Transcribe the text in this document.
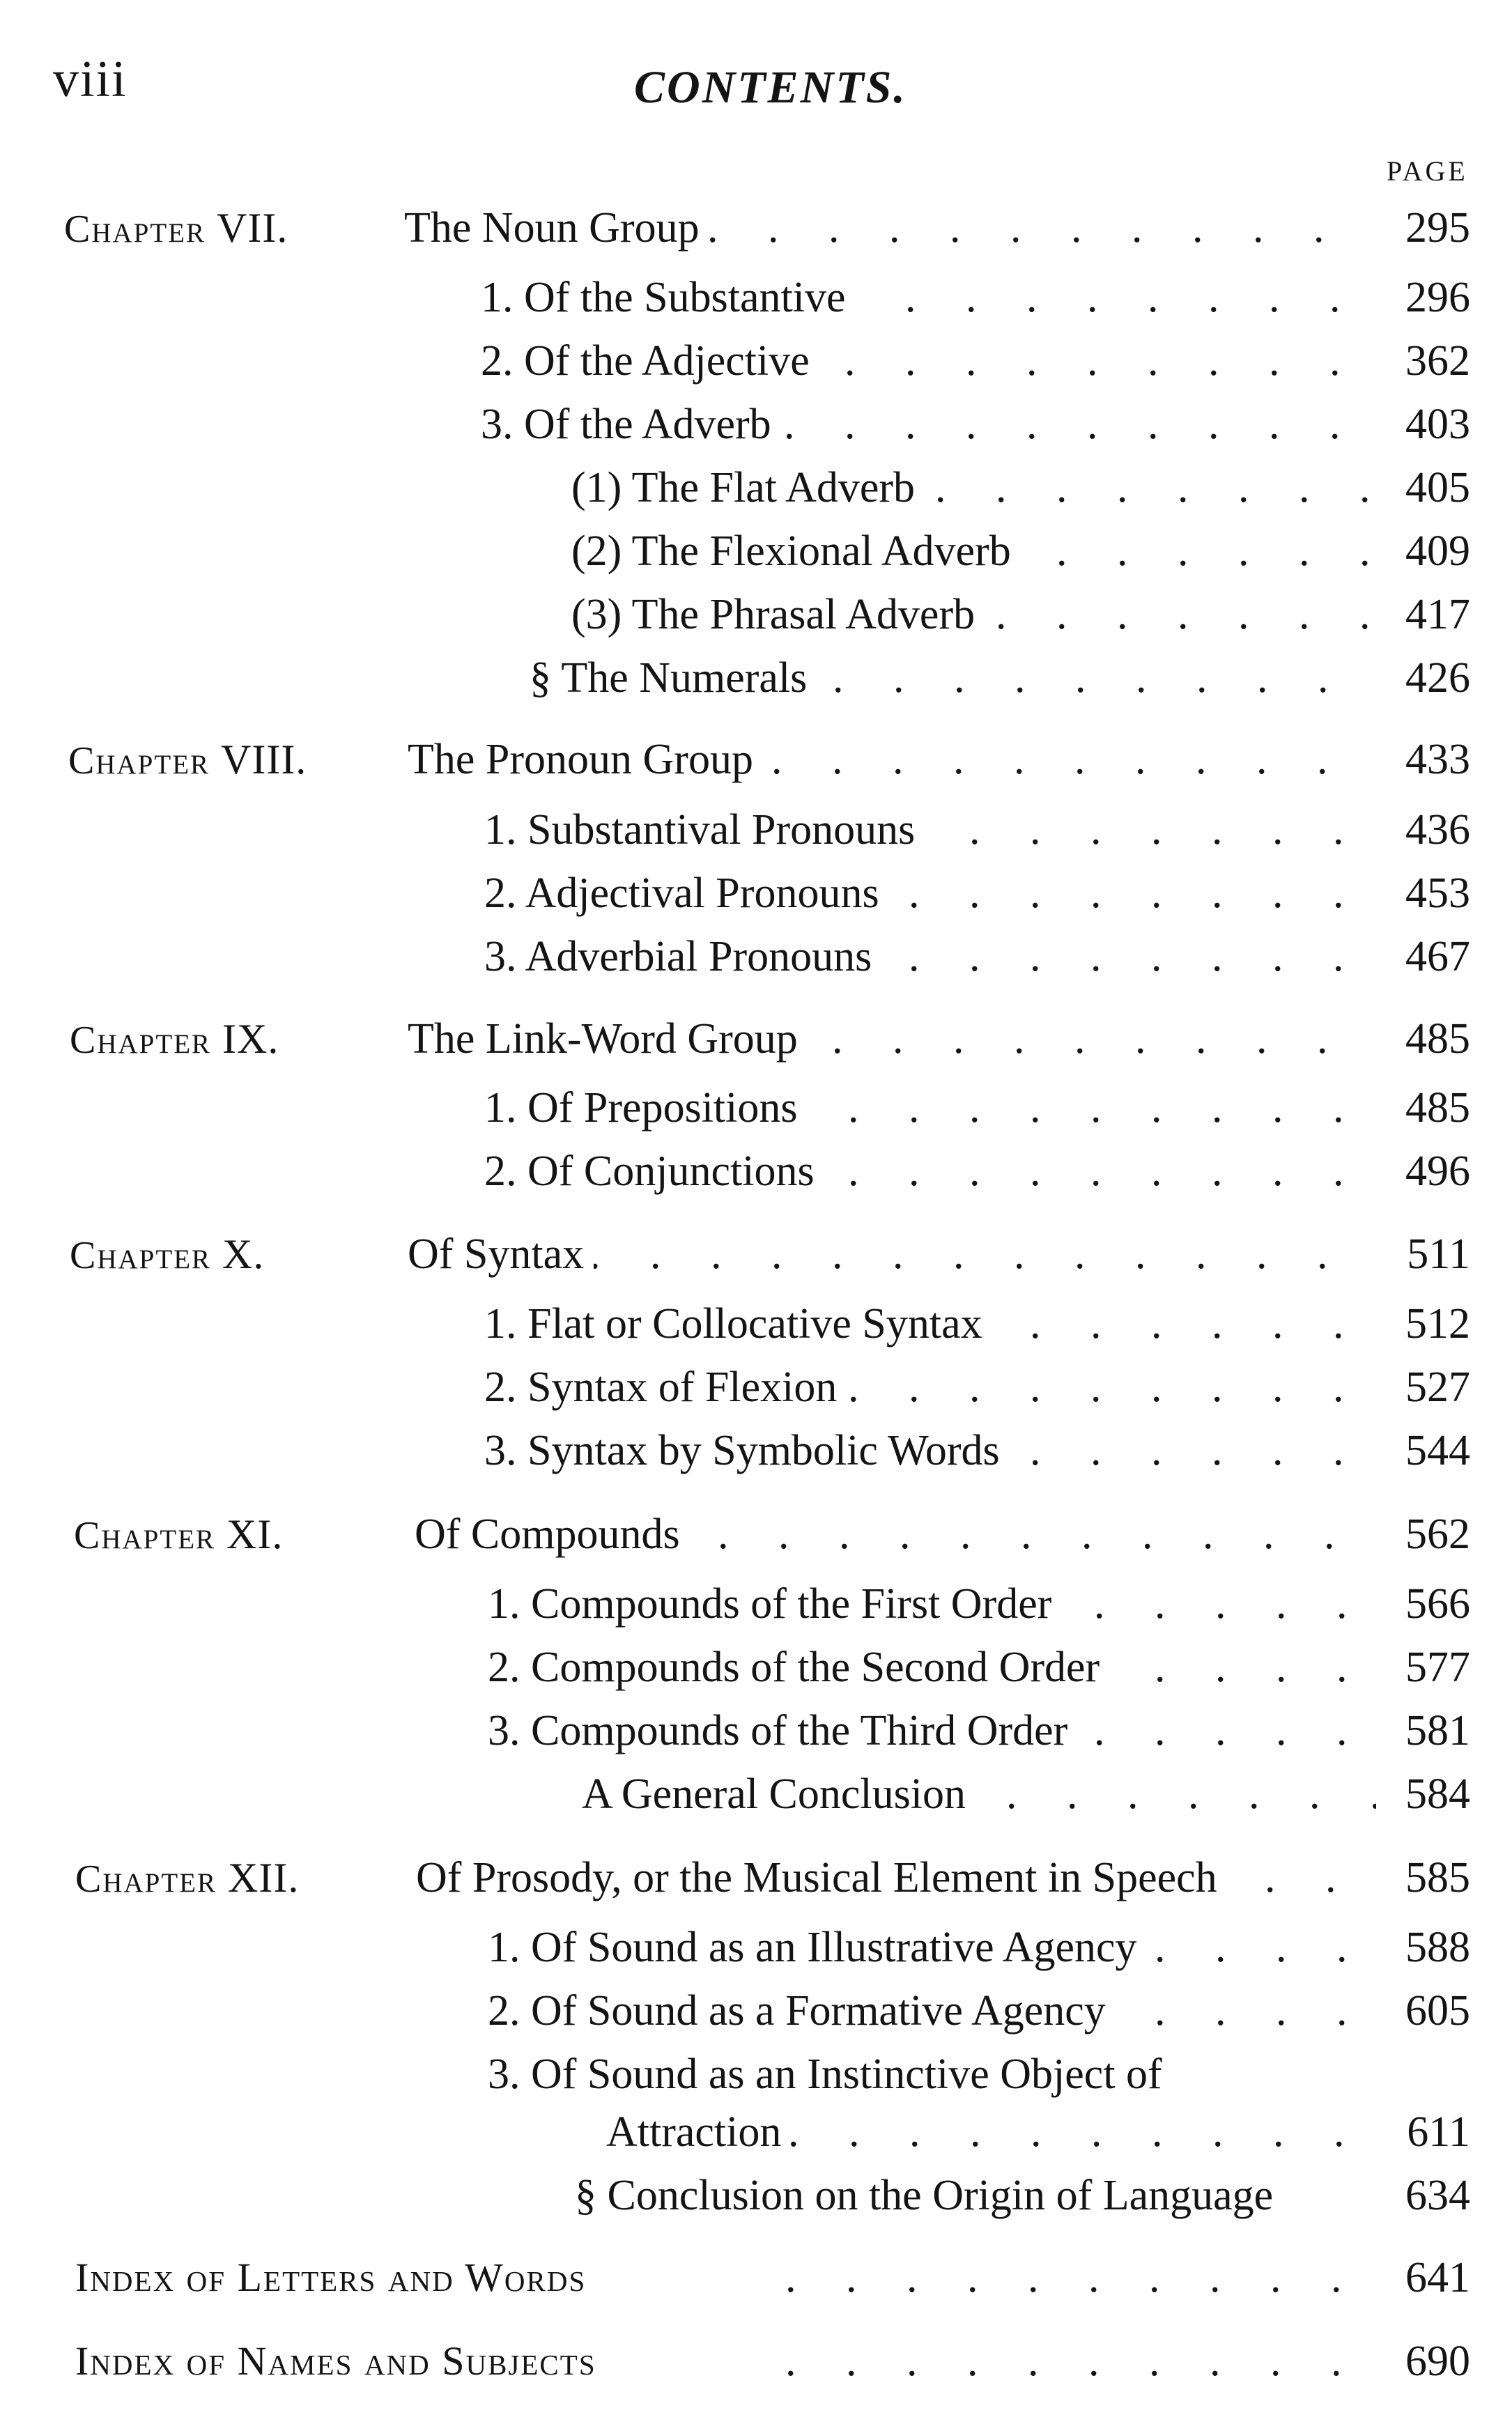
viii	CONTENTS.
PAGE
Chapter VII.	The Noun Group . . .	295
1. Of the Substantive . . .	296
2. Of the Adjective . . .	362
3. Of the Adverb . . .	403
(1) The Flat Adverb . . .	405
(2) The Flexional Adverb . . .	409
(3) The Phrasal Adverb . . .	417
§ The Numerals . . .	426
Chapter VIII. The Pronoun Group . . .	433
1. Substantival Pronouns . . .	436
2. Adjectival Pronouns . . .	453
3. Adverbial Pronouns . . .	467
Chapter IX.	The Link-Word Group . . .	485
1. Of Prepositions . . .	485
2. Of Conjunctions . . .	496
Chapter X.	Of Syntax . . .	511
1. Flat or Collocative Syntax . . .	512
2. Syntax of Flexion . . .	527
3. Syntax by Symbolic Words . . .	544
Chapter XI.	Of Compounds . . .	562
1. Compounds of the First Order . . .	566
2. Compounds of the Second Order . . .	577
3. Compounds of the Third Order . . .	581
A General Conclusion . . .	584
Chapter XII.	Of Prosody, or the Musical Element in Speech . . .	585
1. Of Sound as an Illustrative Agency . . .	588
2. Of Sound as a Formative Agency . . .	605
3. Of Sound as an Instinctive Object of
Attraction . . .	611
§ Conclusion on the Origin of Language	634
. . .
Index of Letters and Words	641
. . .
Index of Names and Subjects	690
